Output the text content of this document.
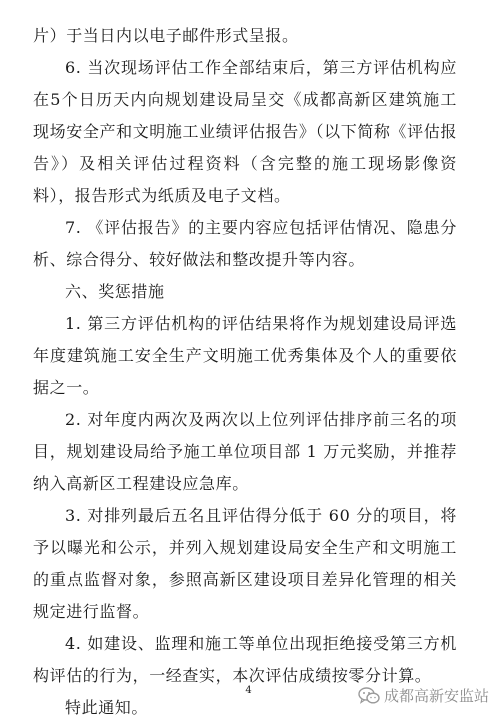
片）于当日内以电子邮件形式呈报。

6. 当次现场评估工作全部结束后，第三方评估机构应在5个日历天内向规划建设局呈交《成都高新区建筑施工现场安全产和文明施工业绩评估报告》（以下简称《评估报告》）及相关评估过程资料（含完整的施工现场影像资料），报告形式为纸质及电子文档。

7. 《评估报告》的主要内容应包括评估情况、隐患分析、综合得分、较好做法和整改提升等内容。

六、奖惩措施

1. 第三方评估机构的评估结果将作为规划建设局评选年度建筑施工安全生产文明施工优秀集体及个人的重要依据之一。

2. 对年度内两次及两次以上位列评估排序前三名的项目，规划建设局给予施工单位项目部 1 万元奖励，并推荐纳入高新区工程建设应急库。

3. 对排列最后五名且评估得分低于 60 分的项目，将予以曝光和公示，并列入规划建设局安全生产和文明施工的重点监督对象，参照高新区建设项目差异化管理的相关规定进行监督。

4. 如建设、监理和施工等单位出现拒绝接受第三方机构评估的行为，一经查实，本次评估成绩按零分计算。

特此通知。

4	成都高新安监站
